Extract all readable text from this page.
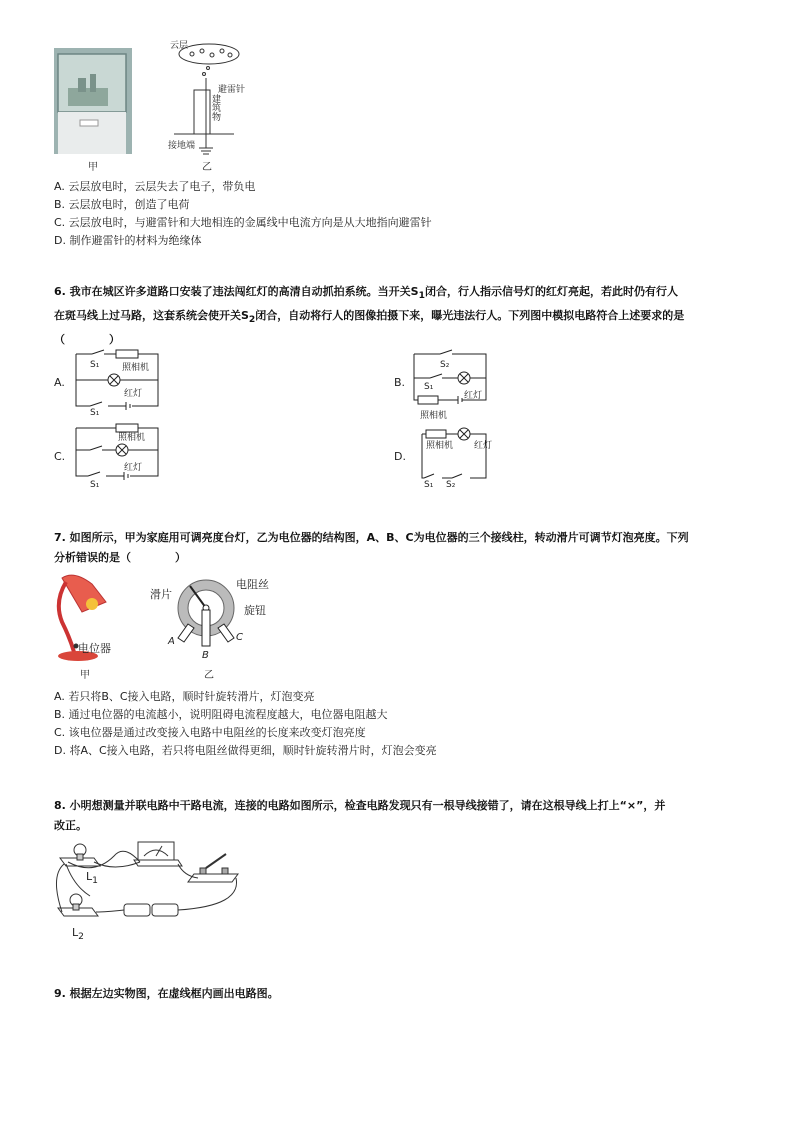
甲
云层
避雷针
建筑物
接地端
乙
A. 云层放电时，云层失去了电子，带负电
B. 云层放电时，创造了电荷
C. 云层放电时，与避雷针和大地相连的金属线中电流方向是从大地指向避雷针
D. 制作避雷针的材料为绝缘体
6. 我市在城区许多道路口安装了违法闯红灯的高清自动抓拍系统。当开关$S_1$闭合，行人指示信号灯的红灯亮起，若此时仍有行人
在斑马线上过马路，这套系统会使开关$S_2$闭合，自动将行人的图像拍摄下来，曝光违法行人。下列图中模拟电路符合上述要求的是
（　　　　）
A.	B.
C.	D.
照相机
红灯
S₁
S₁
S₂
S₁
红灯
照相机
照相机
红灯
S₁
照相机 红灯
S₁ S₂
7. 如图所示，甲为家庭用可调亮度台灯，乙为电位器的结构图，A、B、C为电位器的三个接线柱，转动滑片可调节灯泡亮度。下列
分析错误的是（　　　　）
电位器
甲
滑片
电阻丝
旋钮
A
B
C
乙
A. 若只将B、C接入电路，顺时针旋转滑片，灯泡变亮
B. 通过电位器的电流越小，说明阻碍电流程度越大，电位器电阻越大
C. 该电位器是通过改变接入电路中电阻丝的长度来改变灯泡亮度
D. 将A、C接入电路，若只将电阻丝做得更细，顺时针旋转滑片时，灯泡会变亮
8. 小明想测量并联电路中干路电流，连接的电路如图所示，检查电路发现只有一根导线接错了，请在这根导线上打上“×”，并
改正。
$L_1$
$L_2$
9. 根据左边实物图，在虚线框内画出电路图。
